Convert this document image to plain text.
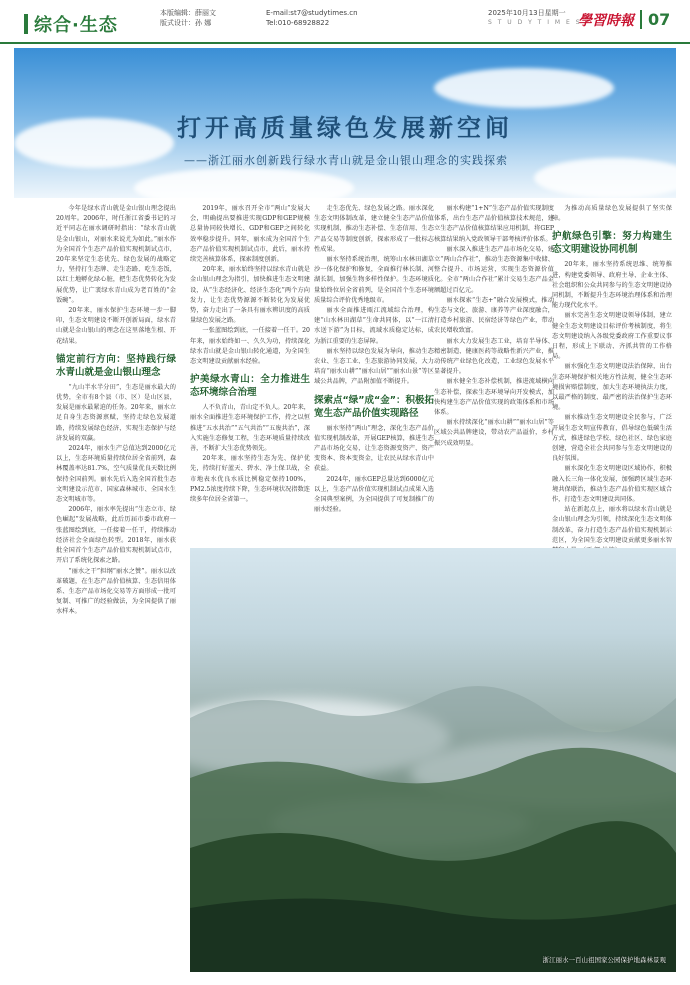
综合·生态
本版编辑：薛丽文
版式设计：孙 娜
E-mail:st7@studytimes.cn
Tel:010-68928822
2025年10月13日星期一
S T U D Y T I M E S
學習時報 07
打开高质量绿色发展新空间
——浙江丽水创新践行绿水青山就是金山银山理念的实践探索

今年是绿水青山就是金山银山理念提出20周年。2006年，时任浙江省委书记的习近平同志在丽水调研时指出：“绿水青山就是金山银山，对丽水来说尤为如此。”丽水作为全国首个生态产品价值实现机制试点市，20年来坚定生态优先、绿色发展的战略定力，坚持打生态牌、走生态路、吃生态饭，以红土地孵化绿心脏，把生态优势转化为发展优势，让广袤绿水青山成为老百姓的“金饭碗”。

20年来，丽水保护生态环境一步一脚印，生态文明建设不断开创新局面，绿水青山就是金山银山的理念在这里落地生根、开花结果。

锚定前行方向：坚持践行绿水青山就是金山银山理念

“九山半水半分田”，生态是丽水最大的优势，全市有8个县（市、区）是山区县，发展是丽水最紧迫的任务。20年来，丽水立足自身生态资源禀赋，坚持走绿色发展道路，持续发展绿色经济，实现生态保护与经济发展的双赢。

2024年，丽水生产总值达到2000亿元以上，生态环境质量持续位居全省前列，森林覆盖率达81.7%，空气质量优良天数比例保持全国前列。丽水先后入选全国首批生态文明建设示范市、国家森林城市、全国水生态文明城市等。

2006年，丽水率先提出“生态立市、绿色崛起”发展战略，此后历届市委市政府一张蓝图绘到底，一任接着一任干，持续推动经济社会全面绿色转型。2018年，丽水获批全国首个生态产品价值实现机制试点市，开启了系统化探索之路。

“丽水之干”担纲“丽水之赞”。丽水以改革破题，在生态产品价值核算、生态信用体系、生态产品市场化交易等方面形成一批可复制、可推广的经验做法，为全国提供了丽水样本。

2019年，丽水召开全市“两山”发展大会，明确提出要推进实现GDP和GEP规模总量协同较快增长、GDP和GEP之间转化效率稳步提升。同年，丽水成为全国首个生态产品价值实现机制试点市，此后，丽水持续完善核算体系，探索制度创新。

20年来，丽水始终坚持以绿水青山就是金山银山理念为指引，加快推进生态文明建设，从“生态经济化、经济生态化”两个方向发力，让生态优势源源不断转化为发展优势，奋力走出了一条具有丽水辨识度的高质量绿色发展之路。

一张蓝图绘到底，一任接着一任干。20年来，丽水始终如一、久久为功，持续深化绿水青山就是金山银山转化通道，为全国生态文明建设贡献丽水经验。

护美绿水青山：全力推进生态环境综合治理

人不负青山，青山定不负人。20年来，丽水全面推进生态环境保护工作，持之以恒推进“五水共治”“五气共治”“五废共治”，深入实施生态修复工程，生态环境质量持续改善，不断扩大生态优势领先。

20年来，丽水坚持生态为先、保护优先，持续打好蓝天、碧水、净土保卫战，全市地表水优良水质比例稳定保持100%，PM2.5浓度持续下降，生态环境状况指数连续多年位居全省第一。

走生态优先、绿色发展之路。丽水深化生态文明体制改革，建立健全生态产品价值实现机制，推动生态补偿、生态信用、生态产品交易等制度创新，探索形成了一批标志性成果。

丽水坚持系统治理，统筹山水林田湖草沙一体化保护和修复，全面推行林长制、河湖长制，加强生物多样性保护。生态环境质量始终位居全省前列，是全国首个生态环境质量综合评价优秀地级市。

丽水全面推进瓯江流域综合治理，构建“山水林田湖草”生命共同体，以“一江清水送下游”为目标，流域水质稳定达标，成为浙江重要的生态屏障。

丽水坚持以绿色发展为导向，推动生态农业、生态工业、生态旅游协同发展，大力培育“丽水山耕”“丽水山居”“丽水山景”等区域公共品牌，产品附加值不断提升。

探索点“绿”成“金”：积极拓宽生态产品价值实现路径

丽水坚持“两山”理念，深化生态产品价值实现机制改革，开展GEP核算，推进生态产品市场化交易，让生态资源变资产、资产变资本、资本变资金，让农民从绿水青山中获益。

2024年，丽水GEP总量达到6000亿元以上，生态产品价值实现机制试点成果入选全国典型案例，为全国提供了可复制推广的丽水经验。

丽水构建“1+N”生态产品价值实现制度体系，出台生态产品价值核算技术规范，建立生态产品价值核算结果应用机制，将GEP核算结果纳入党政领导干部考核评价体系。

丽水深入推进生态产品市场化交易，建立“两山合作社”，推动生态资源集中收储、整合提升、市场运营，实现生态资源价值化。全市“两山合作社”累计交易生态产品金额超过百亿元。

丽水探索“生态+”融合发展模式，推动生态与文化、旅游、康养等产业深度融合，打造乡村旅游、民宿经济等绿色产业，带动农民增收致富。

丽水大力发展生态工业，培育半导体、精密制造、健康医药等战略性新兴产业，推动传统产业绿色化改造，工业绿色发展水平显著提升。

丽水健全生态补偿机制，推进流域横向生态补偿，探索生态环境导向开发模式，加快构建生态产品价值实现的政策体系和市场体系。

丽水持续深化“丽水山耕”“丽水山居”等区域公共品牌建设，带动农产品溢价，乡村振兴成效明显。

为推动高质量绿色发展提供了坚实保障。

护航绿色引擎：努力构建生态文明建设协同机制

20年来，丽水坚持系统思维、统筹推进，构建党委领导、政府主导、企业主体、社会组织和公众共同参与的生态文明建设协同机制，不断提升生态环境治理体系和治理能力现代化水平。

丽水完善生态文明建设领导体制，建立健全生态文明建设目标评价考核制度，将生态文明建设纳入各级党委政府工作重要议事日程，形成上下联动、齐抓共管的工作格局。

丽水强化生态文明建设法治保障，出台生态环境保护相关地方性法规，健全生态环境损害赔偿制度，加大生态环境执法力度，以最严格的制度、最严密的法治保护生态环境。

丽水推动生态文明建设全民参与，广泛开展生态文明宣传教育，倡导绿色低碳生活方式，推进绿色学校、绿色社区、绿色家庭创建，营造全社会共同参与生态文明建设的良好氛围。

丽水深化生态文明建设区域协作，积极融入长三角一体化发展，加强跨区域生态环境共保联治，推动生态产品价值实现区域合作，打造生态文明建设共同体。

站在新起点上，丽水将以绿水青山就是金山银山理念为引领，持续深化生态文明体制改革，奋力打造生态产品价值实现机制示范区，为全国生态文明建设贡献更多丽水智

浙江丽水一百山祖国家公园保护地森林景观
